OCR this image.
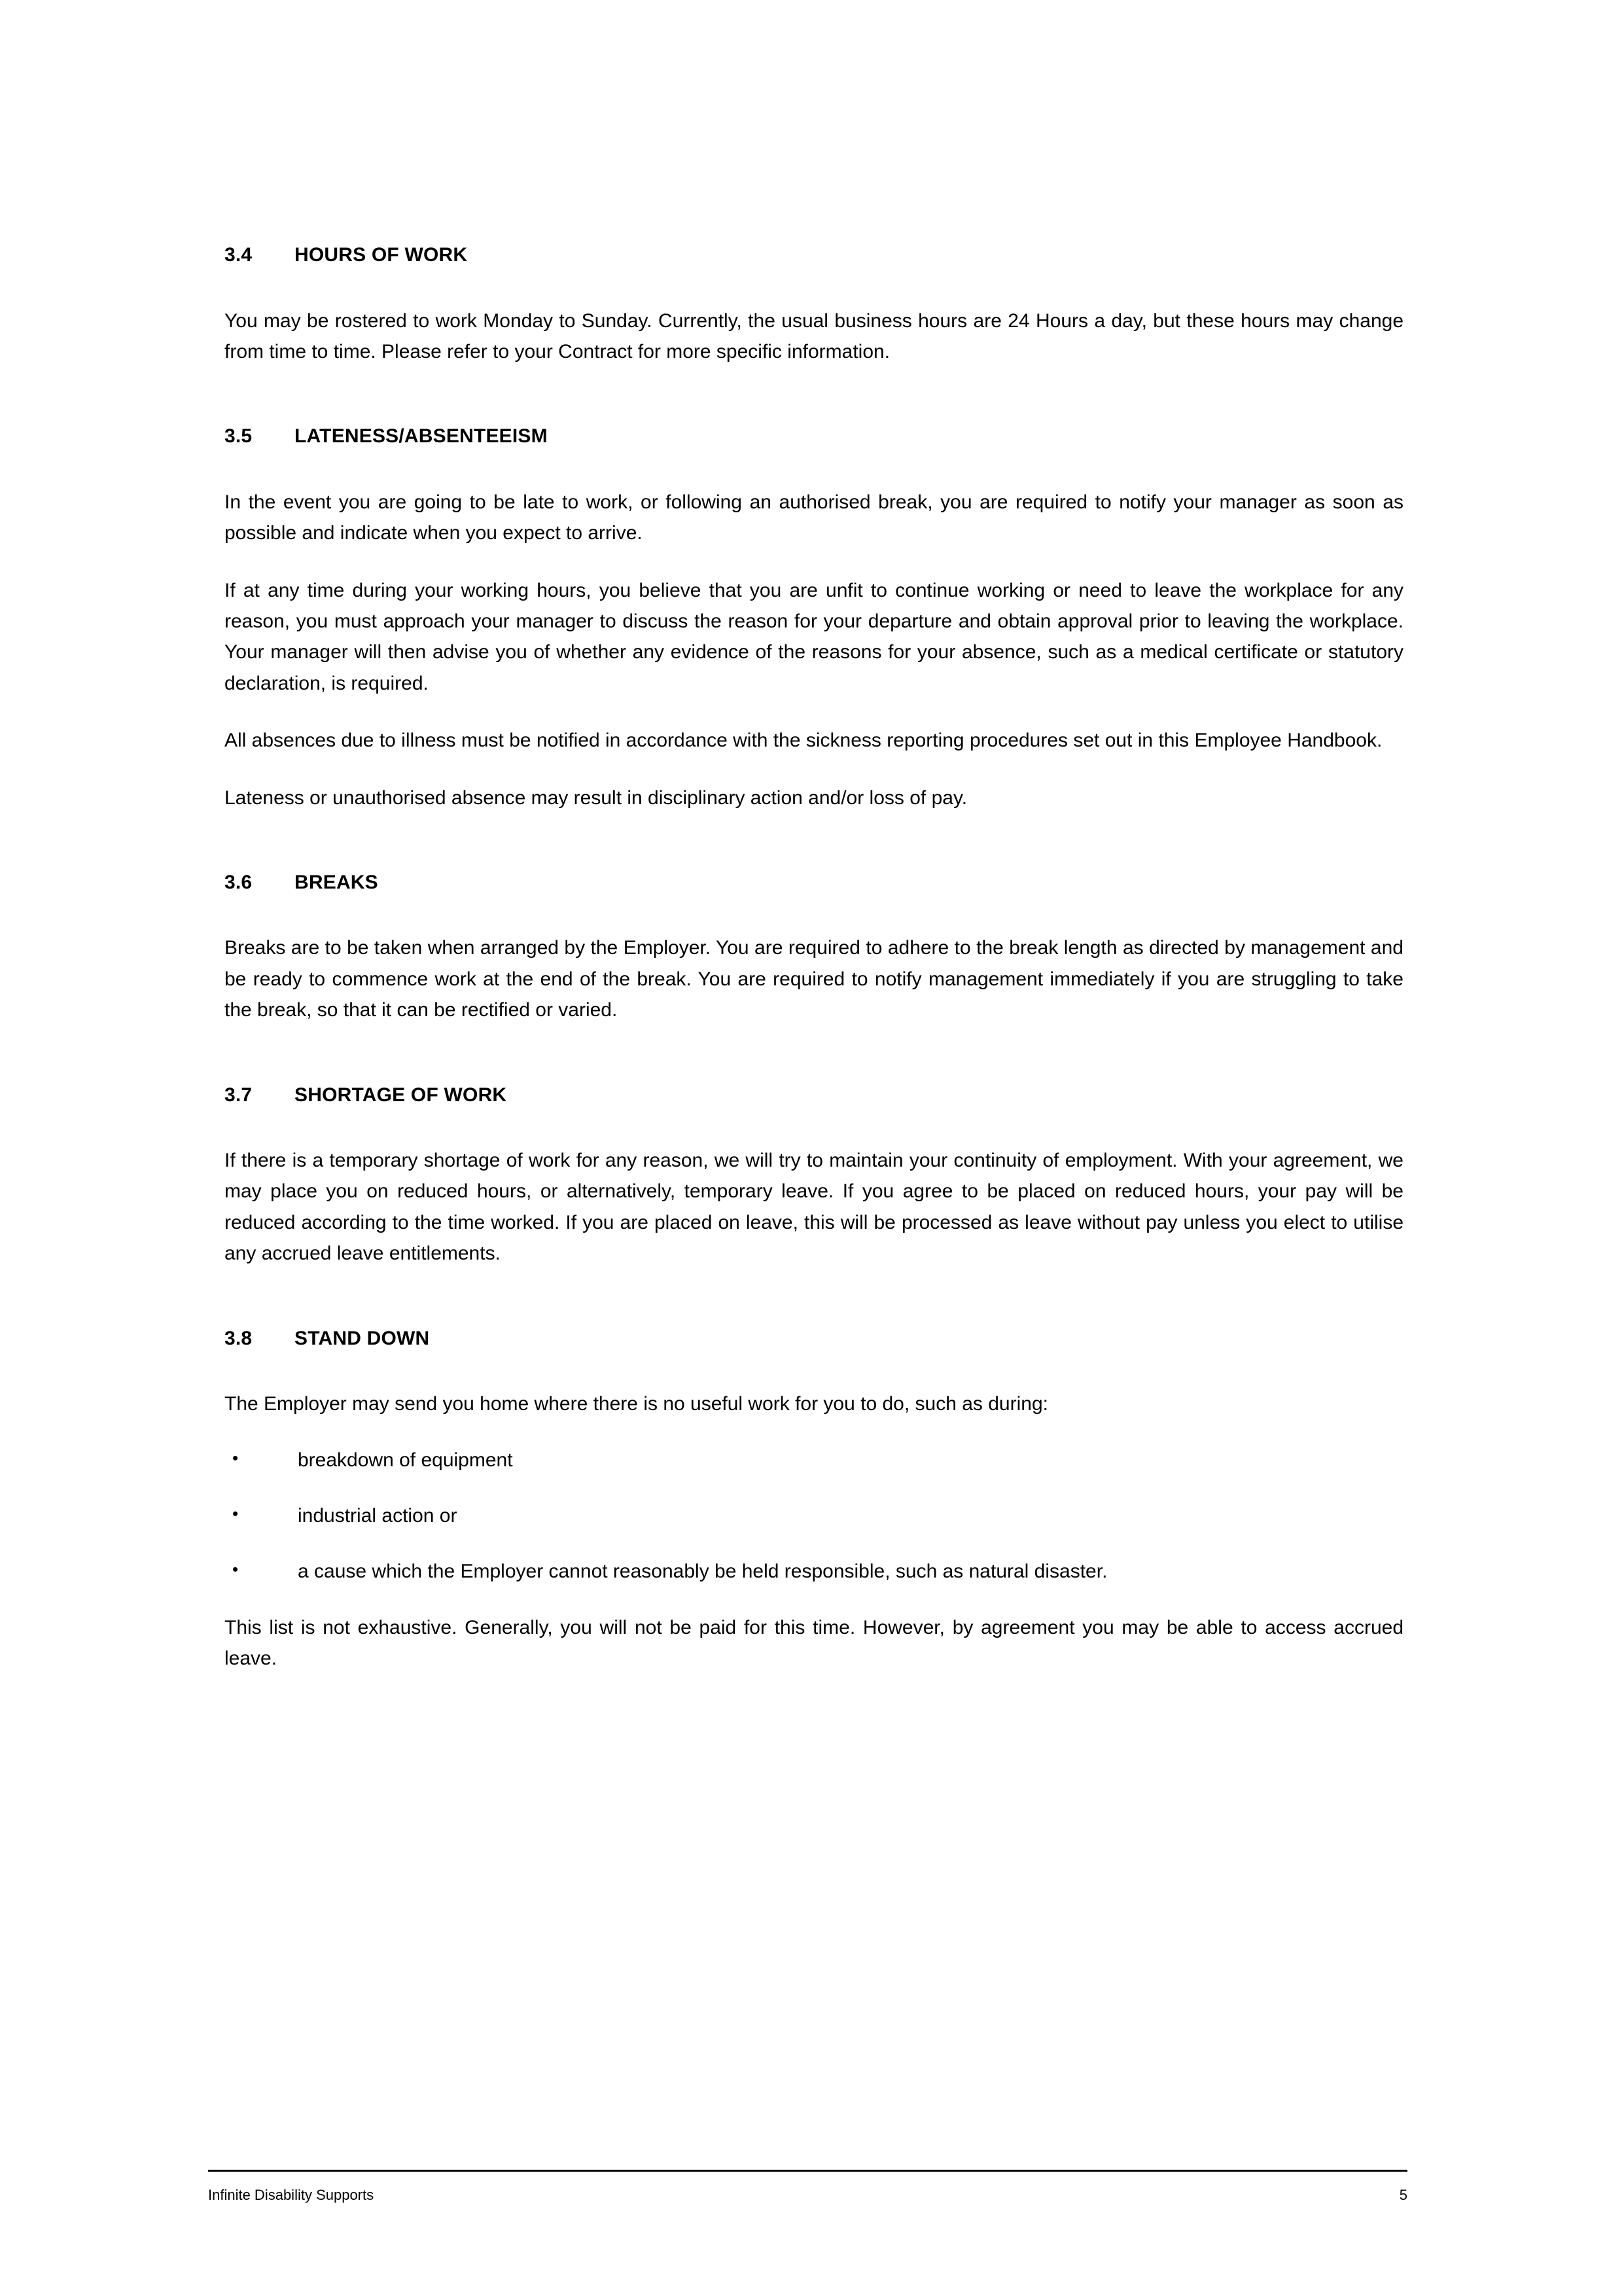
3.4	HOURS OF WORK

You may be rostered to work Monday to Sunday. Currently, the usual business hours are 24 Hours a day, but these hours may change from time to time. Please refer to your Contract for more specific information.

3.5	LATENESS/ABSENTEEISM

In the event you are going to be late to work, or following an authorised break, you are required to notify your manager as soon as possible and indicate when you expect to arrive.

If at any time during your working hours, you believe that you are unfit to continue working or need to leave the workplace for any reason, you must approach your manager to discuss the reason for your departure and obtain approval prior to leaving the workplace. Your manager will then advise you of whether any evidence of the reasons for your absence, such as a medical certificate or statutory declaration, is required.

All absences due to illness must be notified in accordance with the sickness reporting procedures set out in this Employee Handbook.

Lateness or unauthorised absence may result in disciplinary action and/or loss of pay.

3.6	BREAKS

Breaks are to be taken when arranged by the Employer. You are required to adhere to the break length as directed by management and be ready to commence work at the end of the break. You are required to notify management immediately if you are struggling to take the break, so that it can be rectified or varied.

3.7	SHORTAGE OF WORK

If there is a temporary shortage of work for any reason, we will try to maintain your continuity of employment. With your agreement, we may place you on reduced hours, or alternatively, temporary leave. If you agree to be placed on reduced hours, your pay will be reduced according to the time worked. If you are placed on leave, this will be processed as leave without pay unless you elect to utilise any accrued leave entitlements.

3.8	STAND DOWN

The Employer may send you home where there is no useful work for you to do, such as during:

•	breakdown of equipment
•	industrial action or
•	a cause which the Employer cannot reasonably be held responsible, such as natural disaster.

This list is not exhaustive. Generally, you will not be paid for this time. However, by agreement you may be able to access accrued leave.

Infinite Disability Supports	5
